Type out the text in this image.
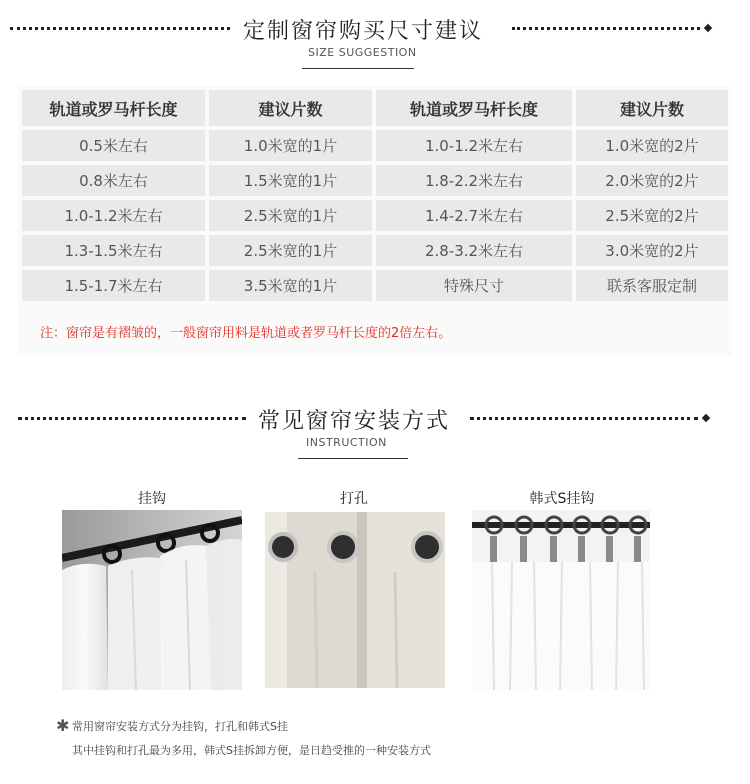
定制窗帘购买尺寸建议
SIZE SUGGESTION
轨道或罗马杆长度	建议片数	轨道或罗马杆长度	建议片数
0.5米左右	1.0米宽的1片	1.0-1.2米左右	1.0米宽的2片
0.8米左右	1.5米宽的1片	1.8-2.2米左右	2.0米宽的2片
1.0-1.2米左右	2.5米宽的1片	1.4-2.7米左右	2.5米宽的2片
1.3-1.5米左右	2.5米宽的1片	2.8-3.2米左右	3.0米宽的2片
1.5-1.7米左右	3.5米宽的1片	特殊尺寸	联系客服定制
注：窗帘是有褶皱的，一般窗帘用料是轨道或者罗马杆长度的2倍左右。
常见窗帘安装方式
INSTRUCTION
挂钩	打孔	韩式S挂钩
✱ 常用窗帘安装方式分为挂钩，打孔和韩式S挂
其中挂钩和打孔最为多用，韩式S挂拆卸方便，是日趋受推的一种安装方式
